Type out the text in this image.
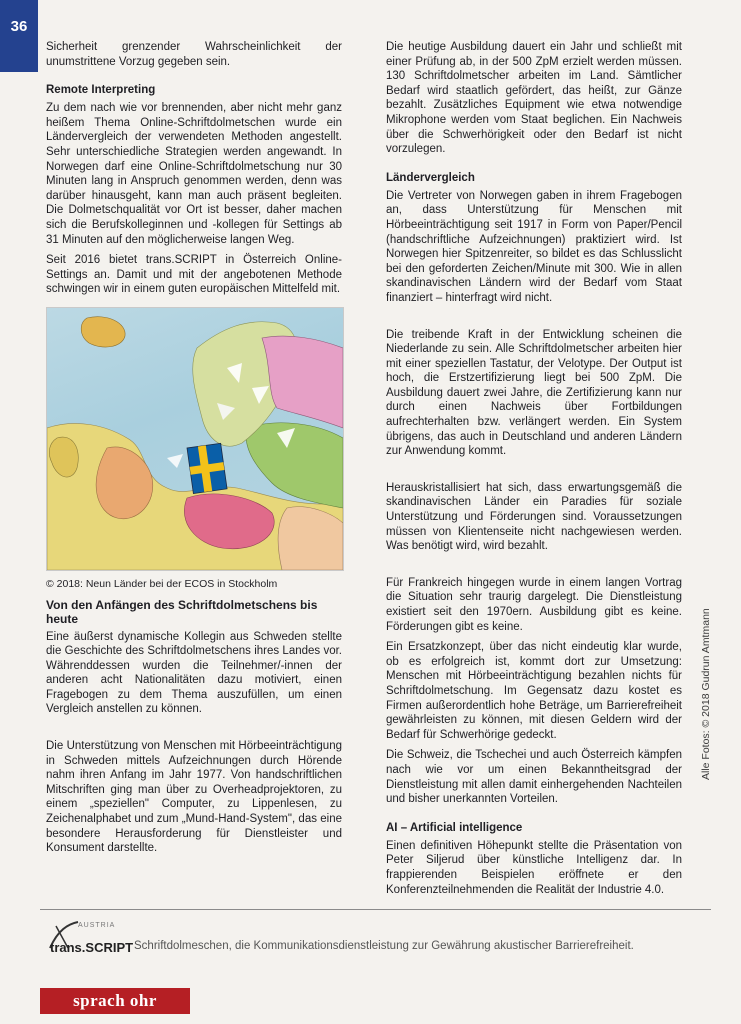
36

Sicherheit grenzender Wahrscheinlichkeit der unumstrittene Vorzug gegeben sein.

Remote Interpreting

Zu dem nach wie vor brennenden, aber nicht mehr ganz heißem Thema Online-Schriftdolmetschen wurde ein Ländervergleich der verwendeten Methoden angestellt. Sehr unterschiedliche Strategien werden angewandt. In Norwegen darf eine Online-Schriftdolmetschung nur 30 Minuten lang in Anspruch genommen werden, denn was darüber hinausgeht, kann man auch präsent begleiten. Die Dolmetschqualität vor Ort ist besser, daher machen sich die Berufskolleginnen und -kollegen für Settings ab 31 Minuten auf den möglicherweise langen Weg.

Seit 2016 bietet trans.SCRIPT in Österreich Online-Settings an. Damit und mit der angebotenen Methode schwingen wir in einem guten europäischen Mittelfeld mit.

© 2018: Neun Länder bei der ECOS in Stockholm

Von den Anfängen des Schriftdolmetschens bis heute

Eine äußerst dynamische Kollegin aus Schweden stellte die Geschichte des Schriftdolmetschens ihres Landes vor. Währenddessen wurden die Teilnehmer/-innen der anderen acht Nationalitäten dazu motiviert, einen Fragebogen zu dem Thema auszufüllen, um einen Vergleich anstellen zu können.

Die Unterstützung von Menschen mit Hörbeeinträchtigung in Schweden mittels Aufzeichnungen durch Hörende nahm ihren Anfang im Jahr 1977. Von handschriftlichen Mitschriften ging man über zu Overheadprojektoren, zu einem „speziellen" Computer, zu Lippenlesen, zu Zeichenalphabet und zum „Mund-Hand-System", das eine besondere Herausforderung für Dienstleister und Konsument darstellte.

Die heutige Ausbildung dauert ein Jahr und schließt mit einer Prüfung ab, in der 500 ZpM erzielt werden müssen. 130 Schriftdolmetscher arbeiten im Land. Sämtlicher Bedarf wird staatlich gefördert, das heißt, zur Gänze bezahlt. Zusätzliches Equipment wie etwa notwendige Mikrophone werden vom Staat beglichen. Ein Nachweis über die Schwerhörigkeit oder den Bedarf ist nicht vorzulegen.

Ländervergleich

Die Vertreter von Norwegen gaben in ihrem Fragebogen an, dass Unterstützung für Menschen mit Hörbeeinträchtigung seit 1917 in Form von Paper/Pencil (handschriftliche Aufzeichnungen) praktiziert wird. Ist Norwegen hier Spitzenreiter, so bildet es das Schlusslicht bei den geforderten Zeichen/Minute mit 300. Wie in allen skandinavischen Ländern wird der Bedarf vom Staat finanziert – hinterfragt wird nicht.

Die treibende Kraft in der Entwicklung scheinen die Niederlande zu sein. Alle Schriftdolmetscher arbeiten hier mit einer speziellen Tastatur, der Velotype. Der Output ist hoch, die Erstzertifizierung liegt bei 500 ZpM. Die Ausbildung dauert zwei Jahre, die Zertifizierung kann nur durch einen Nachweis über Fortbildungen aufrechterhalten bzw. verlängert werden. Ein System übrigens, das auch in Deutschland und anderen Ländern zur Anwendung kommt.

Herauskristallisiert hat sich, dass erwartungsgemäß die skandinavischen Länder ein Paradies für soziale Unterstützung und Förderungen sind. Voraussetzungen müssen von Klientenseite nicht nachgewiesen werden. Was benötigt wird, wird bezahlt.

Für Frankreich hingegen wurde in einem langen Vortrag die Situation sehr traurig dargelegt. Die Dienstleistung existiert seit den 1970ern. Ausbildung gibt es keine. Förderungen gibt es keine.

Ein Ersatzkonzept, über das nicht eindeutig klar wurde, ob es erfolgreich ist, kommt dort zur Umsetzung: Menschen mit Hörbeeinträchtigung bezahlen nichts für Schriftdolmetschung. Im Gegensatz dazu kostet es Firmen außerordentlich hohe Beträge, um Barrierefreiheit gewährleisten zu können, mit diesen Geldern wird der Bedarf für Schwerhörige gedeckt.

Die Schweiz, die Tschechei und auch Österreich kämpfen nach wie vor um einen Bekanntheitsgrad der Dienstleistung mit allen damit einhergehenden Nachteilen und bisher unerkannten Vorteilen.

AI – Artificial intelligence

Einen definitiven Höhepunkt stellte die Präsentation von Peter Siljerud über künstliche Intelligenz dar. In frappierenden Beispielen eröffnete er den Konferenzteilnehmenden die Realität der Industrie 4.0.

Alle Fotos: © 2018 Gudrun Amtmann
AUSTRIA
trans.SCRIPT Schriftdolmeschen, die Kommunikationsdienstleistung zur Gewährung akustischer Barrierefreiheit.
sprach ohr
